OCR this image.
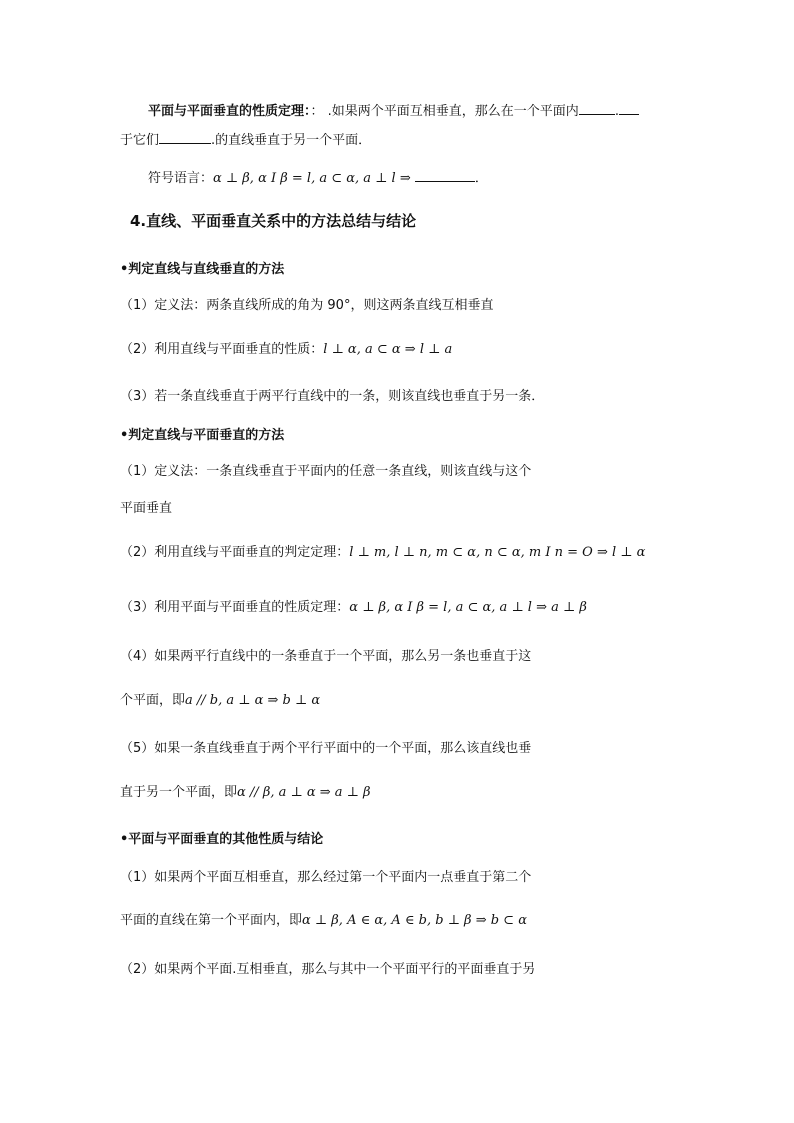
平面与平面垂直的性质定理：： .如果两个平面互相垂直，那么在一个平面内	.
于它们	.的直线垂直于另一个平面．
符号语言：α ⊥ β, α I β = l, a ⊂ α, a ⊥ l ⇒	．
4.直线、平面垂直关系中的方法总结与结论
•判定直线与直线垂直的方法
（1）定义法：两条直线所成的角为 90°，则这两条直线互相垂直
（2）利用直线与平面垂直的性质：l ⊥ α, a ⊂ α ⇒ l ⊥ a
（3）若一条直线垂直于两平行直线中的一条，则该直线也垂直于另一条．
•判定直线与平面垂直的方法
（1）定义法：一条直线垂直于平面内的任意一条直线，则该直线与这个
平面垂直
（2）利用直线与平面垂直的判定定理：l ⊥ m, l ⊥ n, m ⊂ α, n ⊂ α, m I n = O ⇒ l ⊥ α
（3）利用平面与平面垂直的性质定理：α ⊥ β, α I β = l, a ⊂ α, a ⊥ l ⇒ a ⊥ β
（4）如果两平行直线中的一条垂直于一个平面，那么另一条也垂直于这
个平面，即a // b, a ⊥ α ⇒ b ⊥ α
（5）如果一条直线垂直于两个平行平面中的一个平面，那么该直线也垂
直于另一个平面，即α // β, a ⊥ α ⇒ a ⊥ β
•平面与平面垂直的其他性质与结论
（1）如果两个平面互相垂直，那么经过第一个平面内一点垂直于第二个
平面的直线在第一个平面内，即α ⊥ β, A ∈ α, A ∈ b, b ⊥ β ⇒ b ⊂ α
（2）如果两个平面.互相垂直，那么与其中一个平面平行的平面垂直于另
